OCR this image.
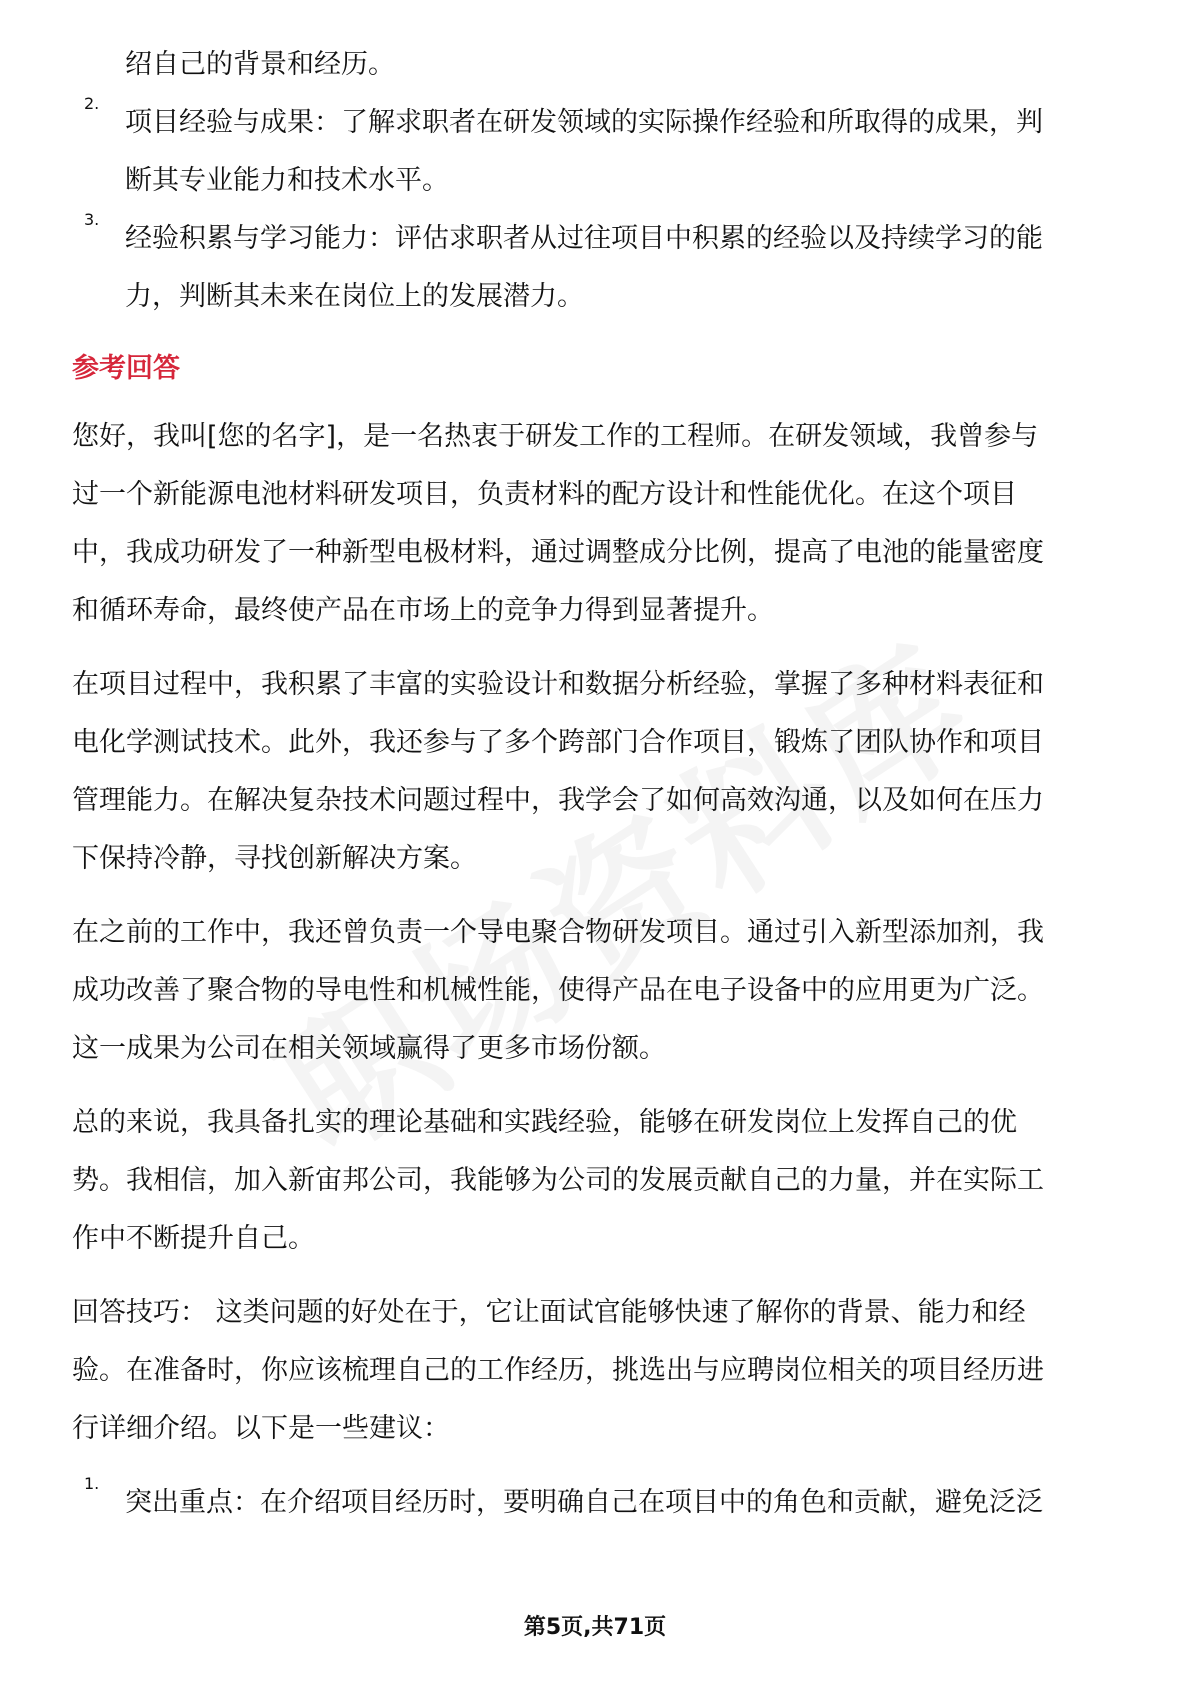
绍自己的背景和经历。

2.

项目经验与成果：了解求职者在研发领域的实际操作经验和所取得的成果，判

断其专业能力和技术水平。

3.

经验积累与学习能力：评估求职者从过往项目中积累的经验以及持续学习的能

力，判断其未来在岗位上的发展潜力。

参考回答

您好，我叫[您的名字]，是一名热衷于研发工作的工程师。在研发领域，我曾参与

过一个新能源电池材料研发项目，负责材料的配方设计和性能优化。在这个项目

中，我成功研发了一种新型电极材料，通过调整成分比例，提高了电池的能量密度

和循环寿命，最终使产品在市场上的竞争力得到显著提升。

在项目过程中，我积累了丰富的实验设计和数据分析经验，掌握了多种材料表征和

电化学测试技术。此外，我还参与了多个跨部门合作项目，锻炼了团队协作和项目

管理能力。在解决复杂技术问题过程中，我学会了如何高效沟通，以及如何在压力

下保持冷静，寻找创新解决方案。

在之前的工作中，我还曾负责一个导电聚合物研发项目。通过引入新型添加剂，我

成功改善了聚合物的导电性和机械性能，使得产品在电子设备中的应用更为广泛。

这一成果为公司在相关领域赢得了更多市场份额。

总的来说，我具备扎实的理论基础和实践经验，能够在研发岗位上发挥自己的优

势。我相信，加入新宙邦公司，我能够为公司的发展贡献自己的力量，并在实际工

作中不断提升自己。

回答技巧： 这类问题的好处在于，它让面试官能够快速了解你的背景、能力和经

验。在准备时，你应该梳理自己的工作经历，挑选出与应聘岗位相关的项目经历进

行详细介绍。以下是一些建议：

1.

突出重点：在介绍项目经历时，要明确自己在项目中的角色和贡献，避免泛泛

第5页,共71页
